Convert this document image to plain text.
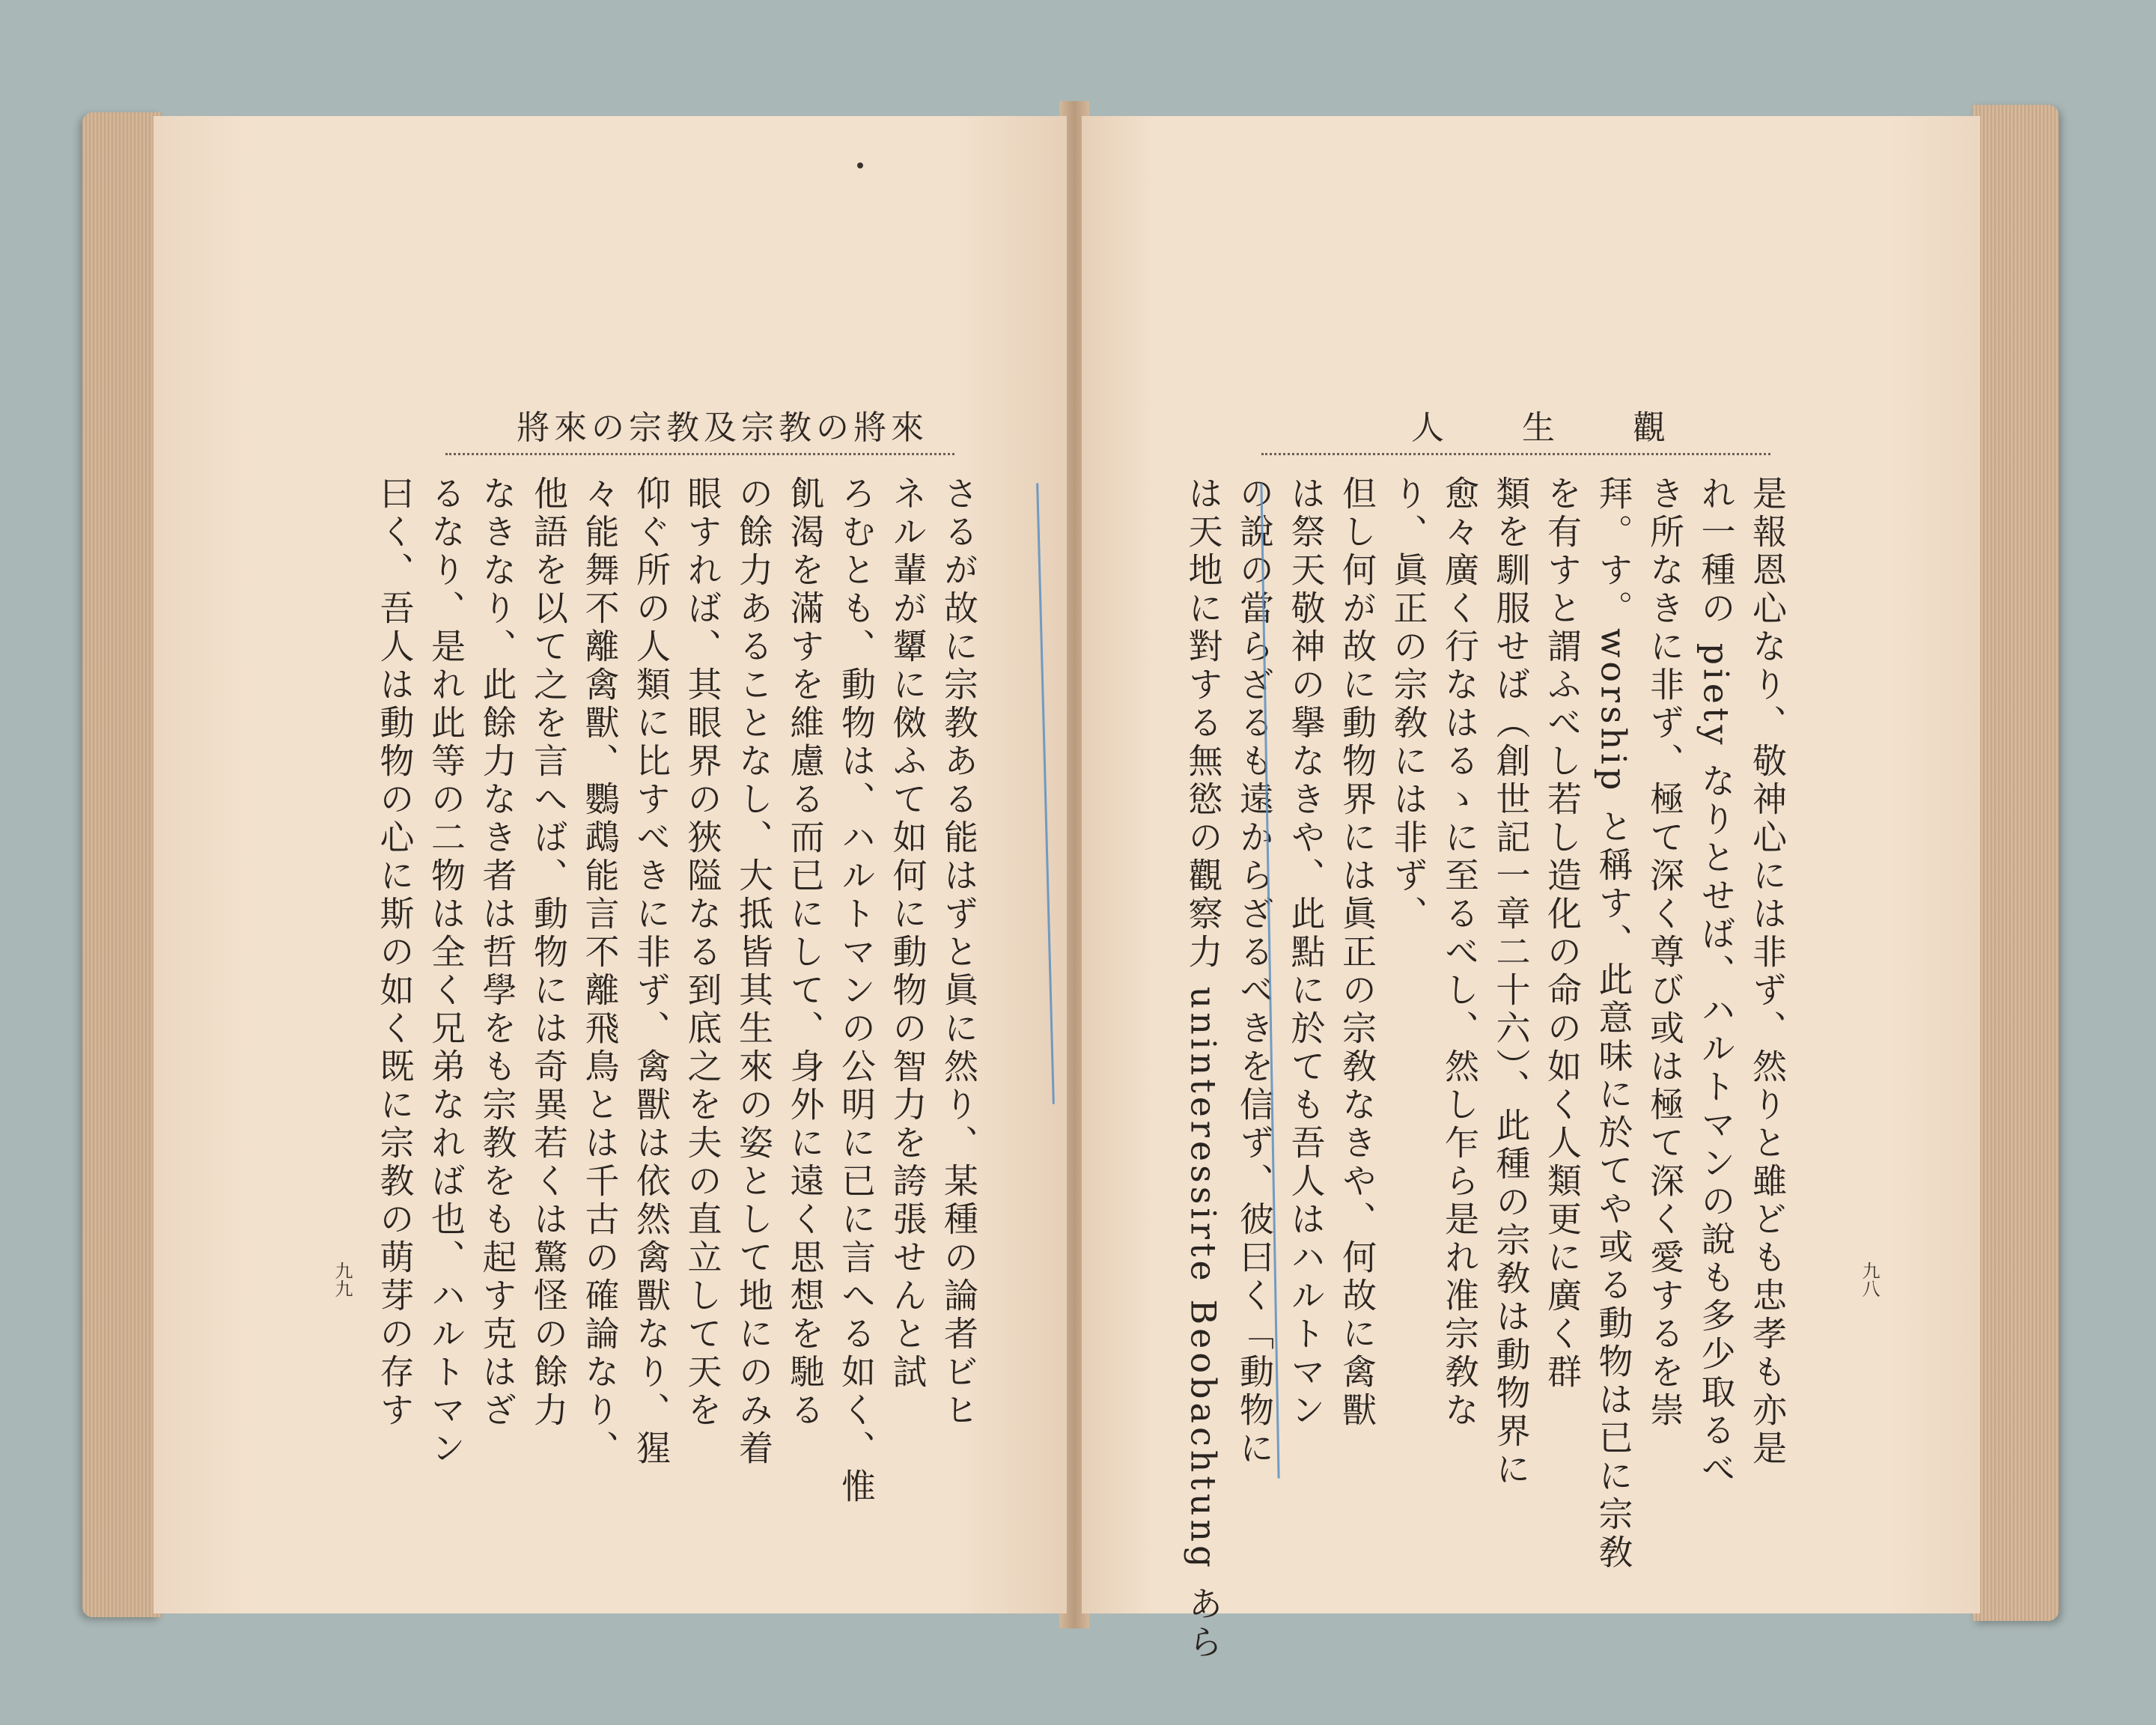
將來の宗教及宗教の將來

さるが故に宗教ある能はずと眞に然り、某種の論者ビヒ

ネル輩が顰に傚ふて如何に動物の智力を誇張せんと試

ろむとも、動物は、ハルトマンの公明に已に言へる如く、惟

飢渴を滿すを維慮る而已にして、身外に遠く思想を馳る

の餘力あることなし、大抵皆其生來の姿として地にのみ着

眼すれば、其眼界の狹隘なる到底之を夫の直立して天を

仰ぐ所の人類に比すべきに非ず、禽獸は依然禽獸なり、猩

々能舞不離禽獸、鸚鵡能言不離飛鳥とは千古の確論なり、

他語を以て之を言へば、動物には奇異若くは驚怪の餘力

なきなり、此餘力なき者は哲學をも宗教をも起す克はざ

るなり、是れ此等の二物は全く兄弟なれば也、ハルトマン

曰く、吾人は動物の心に斯の如く既に宗教の萌芽の存す

九九
人　生　觀

是報恩心なり、敬神心には非ず、然りと雖ども忠孝も亦是

れ一種の piety なりとせば、ハルトマンの說も多少取るべ

き所なきに非ず、極て深く尊び或は極て深く愛するを崇

拜。す。worship と稱す、此意味に於てや或る動物は已に宗敎

を有すと謂ふべし若し造化の命の如く人類更に廣く群

類を馴服せば（創世記一章二十六）、此種の宗敎は動物界に

愈々廣く行なはるゝに至るべし、然し乍ら是れ准宗敎な

り、眞正の宗敎には非ず、

但し何が故に動物界には眞正の宗敎なきや、何故に禽獸

は祭天敬神の擧なきや、此點に於ても吾人はハルトマン

の說の當らざるも遠からざるべきを信ず、彼曰く「動物に

は天地に對する無慾の觀察力 uninteressirte Beobachtung あら	九八
